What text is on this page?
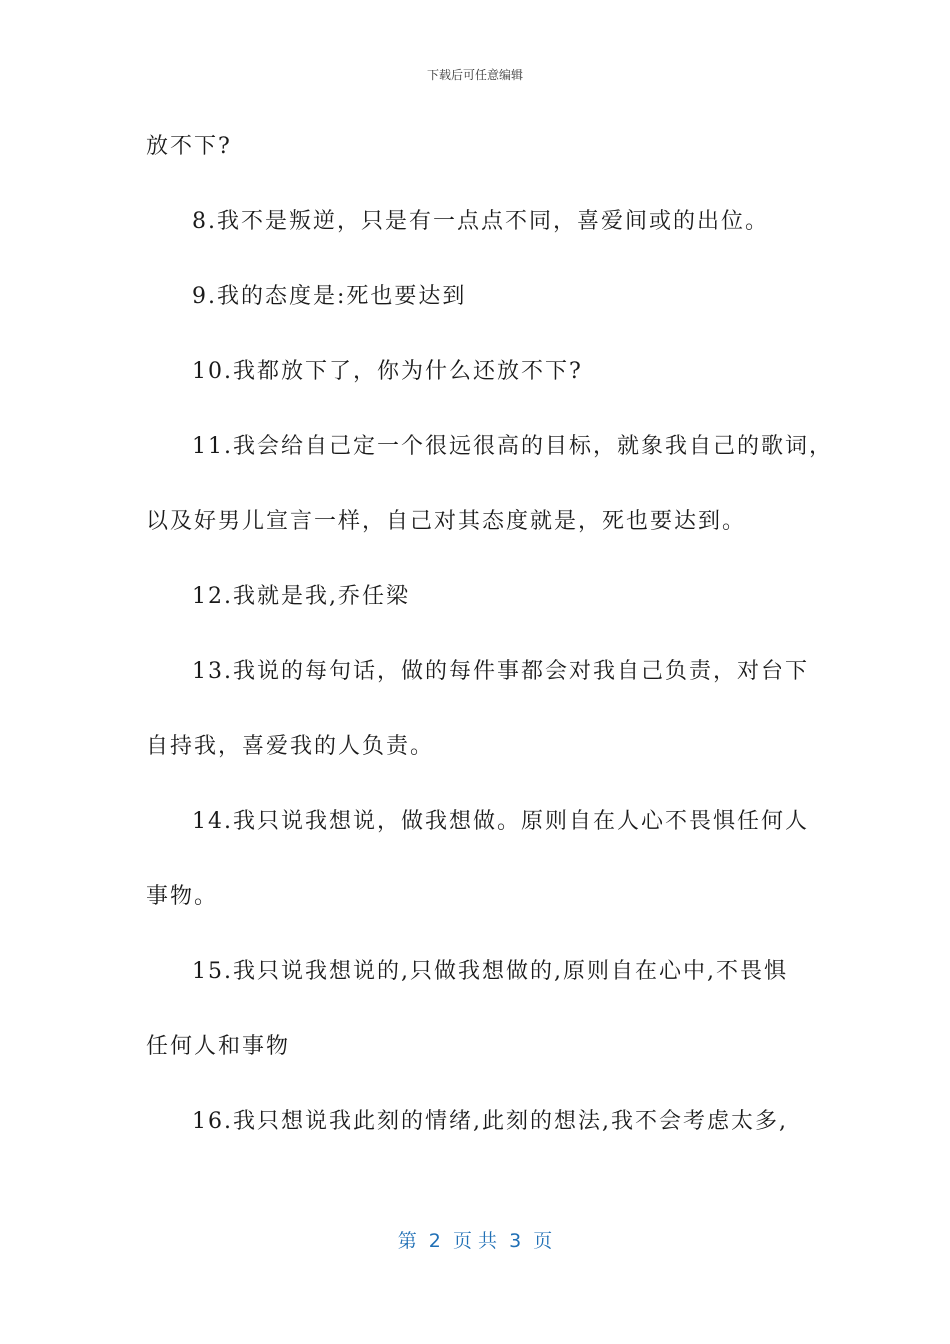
下载后可任意编辑
放不下?
8.我不是叛逆，只是有一点点不同，喜爱间或的出位。
9.我的态度是:死也要达到
10.我都放下了，你为什么还放不下?
11.我会给自己定一个很远很高的目标，就象我自己的歌词，
以及好男儿宣言一样，自己对其态度就是，死也要达到。
12.我就是我,乔任梁
13.我说的每句话，做的每件事都会对我自己负责，对台下
自持我，喜爱我的人负责。
14.我只说我想说，做我想做。原则自在人心不畏惧任何人
事物。
15.我只说我想说的,只做我想做的,原则自在心中,不畏惧
任何人和事物
16.我只想说我此刻的情绪,此刻的想法,我不会考虑太多,
第  2  页 共  3  页
